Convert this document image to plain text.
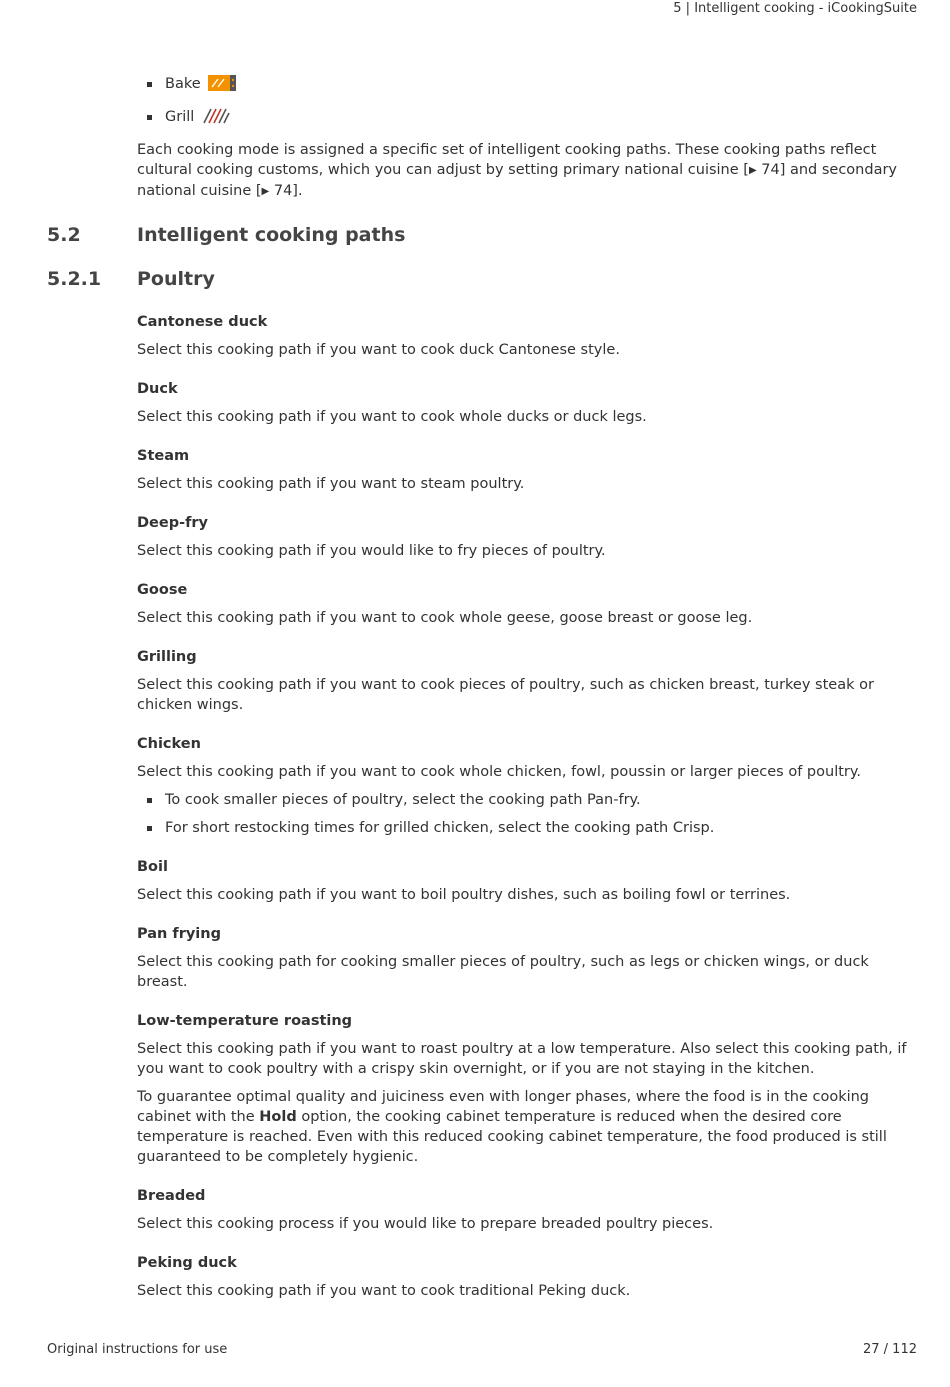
5 | Intelligent cooking - iCookingSuite
Bake
Grill

Each cooking mode is assigned a specific set of intelligent cooking paths. These cooking paths reflect cultural cooking customs, which you can adjust by setting primary national cuisine [▶ 74] and secondary national cuisine [▶ 74].

5.2	Intelligent cooking paths
5.2.1 Poultry
Cantonese duck

Select this cooking path if you want to cook duck Cantonese style.

Duck

Select this cooking path if you want to cook whole ducks or duck legs.

Steam

Select this cooking path if you want to steam poultry.

Deep-fry

Select this cooking path if you would like to fry pieces of poultry.

Goose

Select this cooking path if you want to cook whole geese, goose breast or goose leg.

Grilling

Select this cooking path if you want to cook pieces of poultry, such as chicken breast, turkey steak or chicken wings.

Chicken

Select this cooking path if you want to cook whole chicken, fowl, poussin or larger pieces of poultry.

To cook smaller pieces of poultry, select the cooking path Pan-fry.
For short restocking times for grilled chicken, select the cooking path Crisp.
Boil

Select this cooking path if you want to boil poultry dishes, such as boiling fowl or terrines.

Pan frying

Select this cooking path for cooking smaller pieces of poultry, such as legs or chicken wings, or duck breast.

Low-temperature roasting

Select this cooking path if you want to roast poultry at a low temperature. Also select this cooking path, if you want to cook poultry with a crispy skin overnight, or if you are not staying in the kitchen.

To guarantee optimal quality and juiciness even with longer phases, where the food is in the cooking cabinet with the Hold option, the cooking cabinet temperature is reduced when the desired core temperature is reached. Even with this reduced cooking cabinet temperature, the food produced is still guaranteed to be completely hygienic.

Breaded

Select this cooking process if you would like to prepare breaded poultry pieces.

Peking duck

Select this cooking path if you want to cook traditional Peking duck.

Original instructions for use	27 / 112
